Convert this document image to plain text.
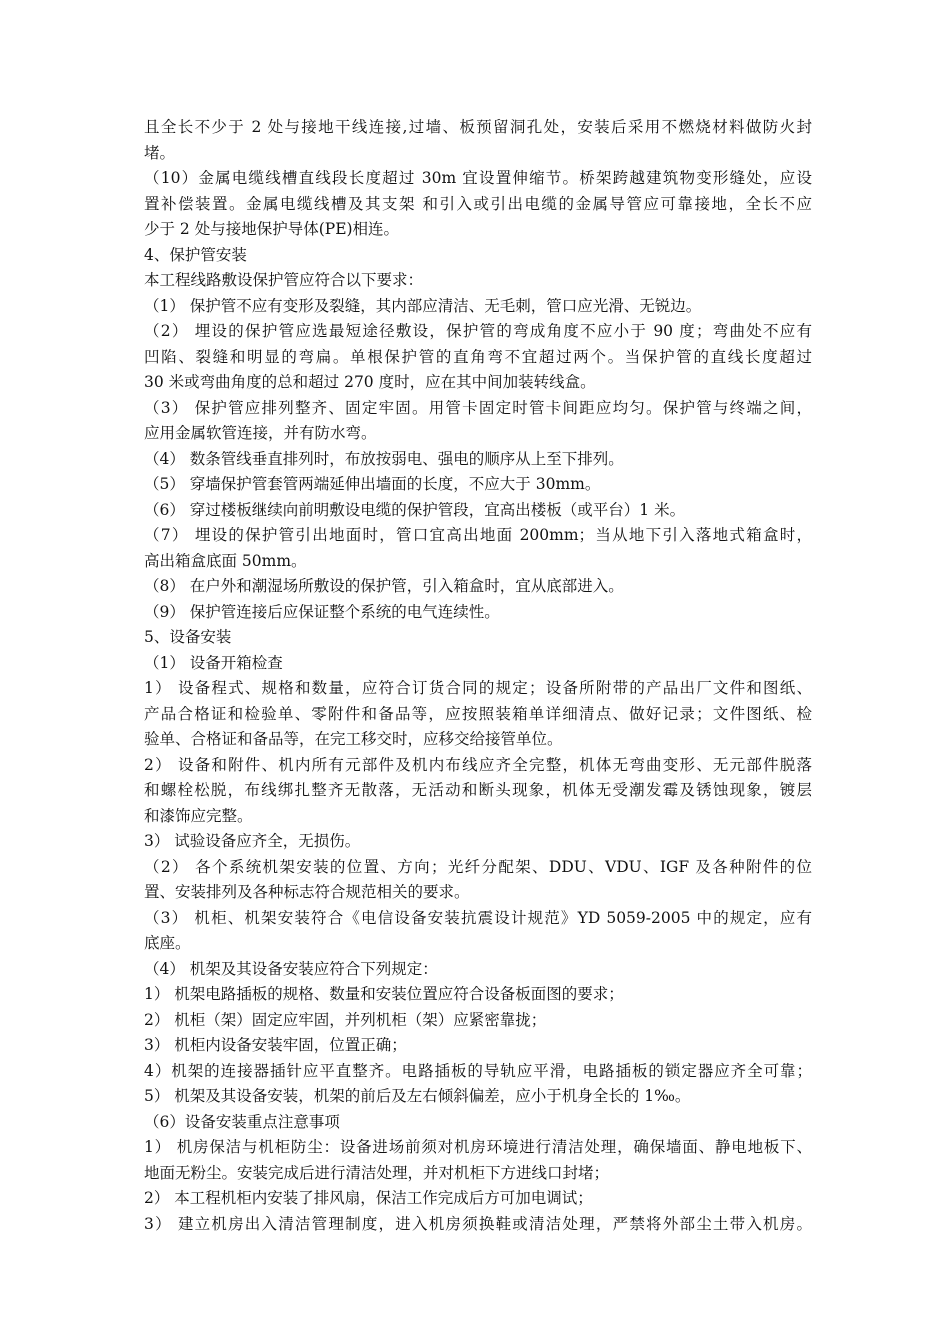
且全长不少于 2 处与接地干线连接,过墙、板预留洞孔处，安装后采用不燃烧材料做防火封
堵。
（10）金属电缆线槽直线段长度超过 30m 宜设置伸缩节。桥架跨越建筑物变形缝处，应设
置补偿装置。金属电缆线槽及其支架 和引入或引出电缆的金属导管应可靠接地，全长不应
少于 2 处与接地保护导体(PE)相连。
4、保护管安装
本工程线路敷设保护管应符合以下要求：
（1） 保护管不应有变形及裂缝，其内部应清洁、无毛刺，管口应光滑、无锐边。
（2） 埋设的保护管应选最短途径敷设，保护管的弯成角度不应小于 90 度；弯曲处不应有
凹陷、裂缝和明显的弯扁。单根保护管的直角弯不宜超过两个。当保护管的直线长度超过
30 米或弯曲角度的总和超过 270 度时，应在其中间加装转线盒。
（3） 保护管应排列整齐、固定牢固。用管卡固定时管卡间距应均匀。保护管与终端之间，
应用金属软管连接，并有防水弯。
（4） 数条管线垂直排列时，布放按弱电、强电的顺序从上至下排列。
（5） 穿墙保护管套管两端延伸出墙面的长度，不应大于 30mm。
（6） 穿过楼板继续向前明敷设电缆的保护管段，宜高出楼板（或平台）1 米。
（7） 埋设的保护管引出地面时，管口宜高出地面 200mm；当从地下引入落地式箱盒时，
高出箱盒底面 50mm。
（8） 在户外和潮湿场所敷设的保护管，引入箱盒时，宜从底部进入。
（9） 保护管连接后应保证整个系统的电气连续性。
5、设备安装
（1） 设备开箱检查
1） 设备程式、规格和数量，应符合订货合同的规定；设备所附带的产品出厂文件和图纸、
产品合格证和检验单、零附件和备品等，应按照装箱单详细清点、做好记录；文件图纸、检
验单、合格证和备品等，在完工移交时，应移交给接管单位。
2） 设备和附件、机内所有元部件及机内布线应齐全完整，机体无弯曲变形、无元部件脱落
和螺栓松脱，布线绑扎整齐无散落，无活动和断头现象，机体无受潮发霉及锈蚀现象，镀层
和漆饰应完整。
3） 试验设备应齐全，无损伤。
（2） 各个系统机架安装的位置、方向；光纤分配架、DDU、VDU、IGF 及各种附件的位
置、安装排列及各种标志符合规范相关的要求。
（3） 机柜、机架安装符合《电信设备安装抗震设计规范》YD 5059-2005 中的规定，应有
底座。
（4） 机架及其设备安装应符合下列规定：
1） 机架电路插板的规格、数量和安装位置应符合设备板面图的要求；
2） 机柜（架）固定应牢固，并列机柜（架）应紧密靠拢；
3） 机柜内设备安装牢固，位置正确；
4）机架的连接器插针应平直整齐。电路插板的导轨应平滑，电路插板的锁定器应齐全可靠；
5） 机架及其设备安装，机架的前后及左右倾斜偏差，应小于机身全长的 1‰。
（6）设备安装重点注意事项
1） 机房保洁与机柜防尘：设备进场前须对机房环境进行清洁处理，确保墙面、静电地板下、
地面无粉尘。安装完成后进行清洁处理，并对机柜下方进线口封堵；
2） 本工程机柜内安装了排风扇，保洁工作完成后方可加电调试；
3） 建立机房出入清洁管理制度，进入机房须换鞋或清洁处理，严禁将外部尘土带入机房。
